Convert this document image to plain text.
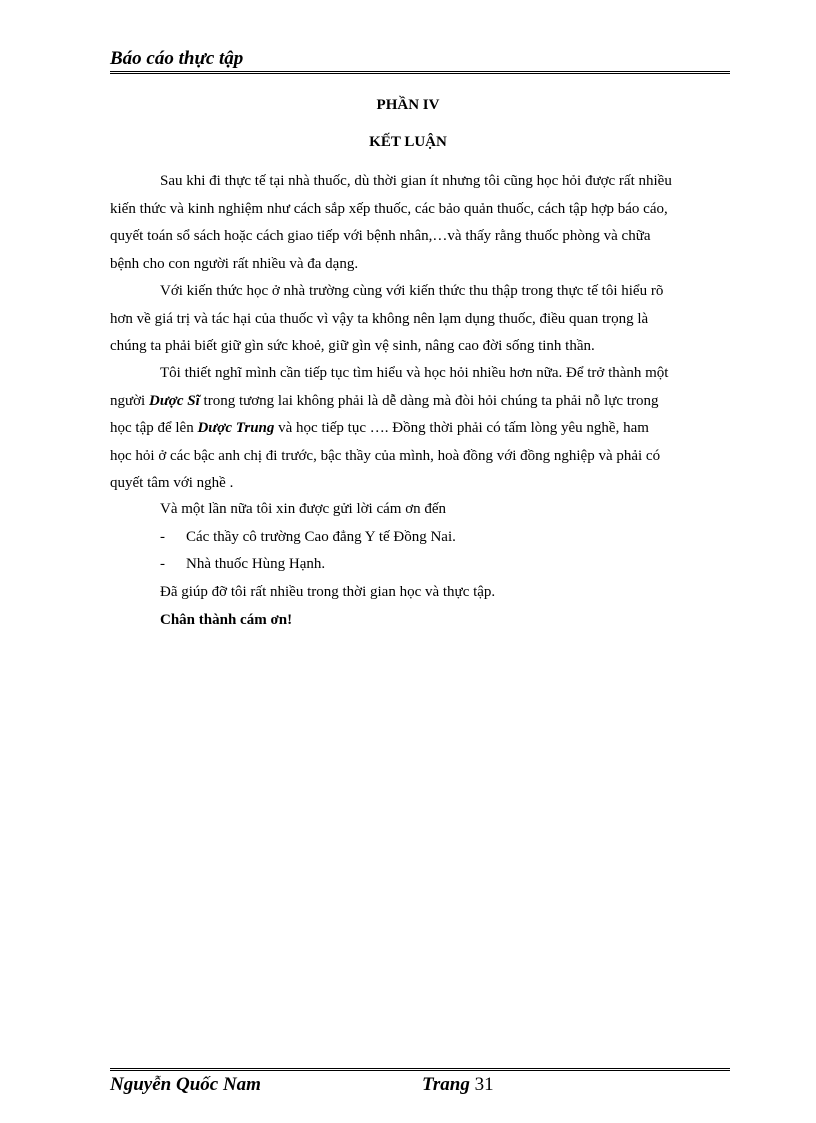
Báo cáo thực tập
PHẦN IV
KẾT LUẬN
Sau khi đi thực tế tại nhà thuốc, dù thời gian ít nhưng tôi cũng học hỏi được rất nhiều
kiến thức và kinh nghiệm như cách sắp xếp thuốc, các bảo quản thuốc, cách tập hợp báo cáo,
quyết toán sổ sách hoặc cách giao tiếp với bệnh nhân,…và thấy rằng thuốc phòng và chữa
bệnh cho con người rất nhiều và đa dạng.
Với kiến thức học ở nhà trường cùng với kiến thức thu thập trong thực tế tôi hiểu rõ
hơn về giá trị và tác hại của thuốc vì vậy ta không nên lạm dụng thuốc, điều quan trọng là
chúng ta phải biết giữ gìn sức khoẻ, giữ gìn vệ sinh, nâng cao đời sống tinh thần.
Tôi thiết nghĩ mình cần tiếp tục tìm hiểu và học hỏi nhiều hơn nữa. Để trở thành một
người Dược Sĩ trong tương lai không phải là dễ dàng mà đòi hỏi chúng ta phải nỗ lực trong
học tập để lên Dược Trung và học tiếp tục …. Đồng thời phải có tấm lòng yêu nghề, ham
học hỏi ở các bậc anh chị đi trước, bậc thầy của mình, hoà đồng với đồng nghiệp và phải có
quyết tâm với nghề .
Và một lần nữa tôi xin được gửi lời cám ơn đến
- Các thầy cô trường Cao đẳng Y tế Đồng Nai.
- Nhà thuốc Hùng Hạnh.
Đã giúp đỡ tôi rất nhiều trong thời gian học và thực tập.
Chân thành cám ơn!
Nguyễn Quốc Nam	Trang 31
